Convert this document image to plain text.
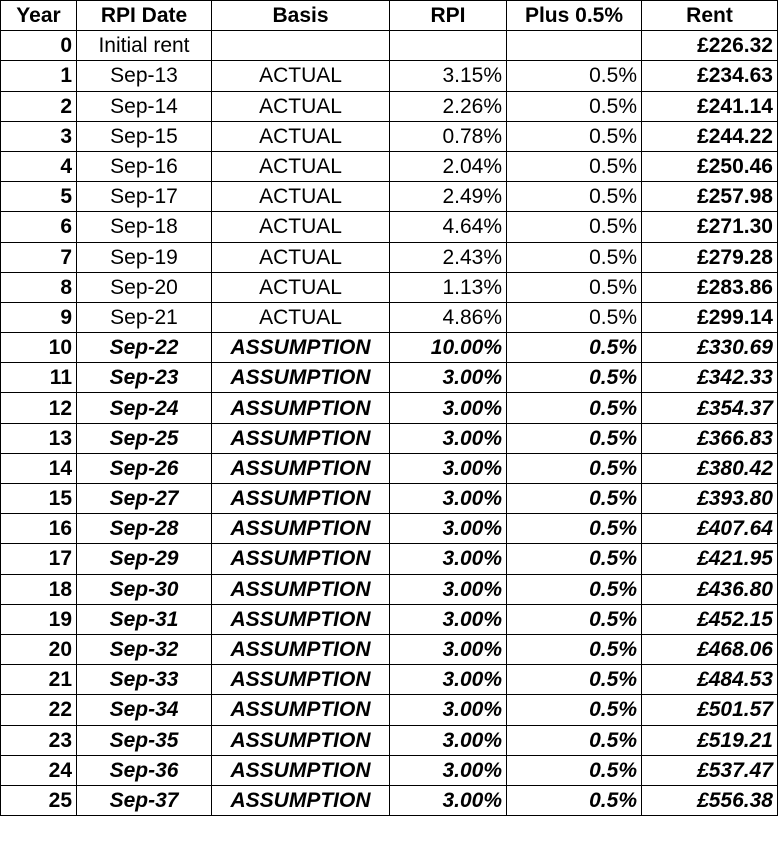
Year	RPI Date	Basis	RPI	Plus 0.5%	Rent
0	Initial rent				£226.32
1	Sep-13	ACTUAL	3.15%	0.5%	£234.63
2	Sep-14	ACTUAL	2.26%	0.5%	£241.14
3	Sep-15	ACTUAL	0.78%	0.5%	£244.22
4	Sep-16	ACTUAL	2.04%	0.5%	£250.46
5	Sep-17	ACTUAL	2.49%	0.5%	£257.98
6	Sep-18	ACTUAL	4.64%	0.5%	£271.30
7	Sep-19	ACTUAL	2.43%	0.5%	£279.28
8	Sep-20	ACTUAL	1.13%	0.5%	£283.86
9	Sep-21	ACTUAL	4.86%	0.5%	£299.14
10	Sep-22	ASSUMPTION	10.00%	0.5%	£330.69
11	Sep-23	ASSUMPTION	3.00%	0.5%	£342.33
12	Sep-24	ASSUMPTION	3.00%	0.5%	£354.37
13	Sep-25	ASSUMPTION	3.00%	0.5%	£366.83
14	Sep-26	ASSUMPTION	3.00%	0.5%	£380.42
15	Sep-27	ASSUMPTION	3.00%	0.5%	£393.80
16	Sep-28	ASSUMPTION	3.00%	0.5%	£407.64
17	Sep-29	ASSUMPTION	3.00%	0.5%	£421.95
18	Sep-30	ASSUMPTION	3.00%	0.5%	£436.80
19	Sep-31	ASSUMPTION	3.00%	0.5%	£452.15
20	Sep-32	ASSUMPTION	3.00%	0.5%	£468.06
21	Sep-33	ASSUMPTION	3.00%	0.5%	£484.53
22	Sep-34	ASSUMPTION	3.00%	0.5%	£501.57
23	Sep-35	ASSUMPTION	3.00%	0.5%	£519.21
24	Sep-36	ASSUMPTION	3.00%	0.5%	£537.47
25	Sep-37	ASSUMPTION	3.00%	0.5%	£556.38
